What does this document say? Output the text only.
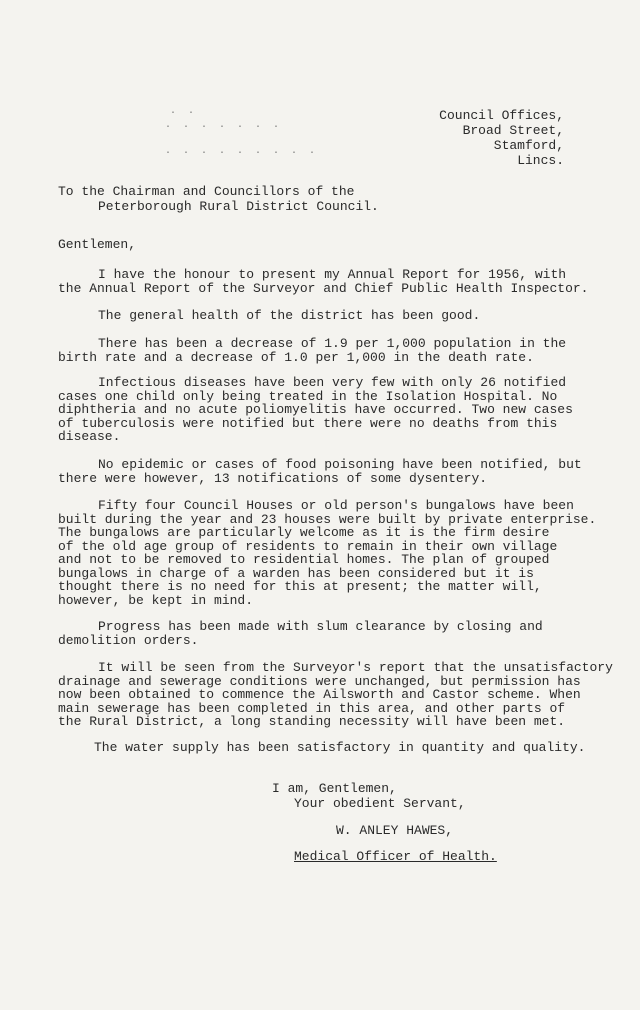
· ·
· · · · · · ·
· · · · · · · · ·
Council Offices,
Broad Street,
Stamford,
Lincs.
To the Chairman and Councillors of the
Peterborough Rural District Council.
Gentlemen,
I have the honour to present my Annual Report for 1956, with
the Annual Report of the Surveyor and Chief Public Health Inspector.
The general health of the district has been good.
There has been a decrease of 1.9 per 1,000 population in the
birth rate and a decrease of 1.0 per 1,000 in the death rate.
Infectious diseases have been very few with only 26 notified
cases one child only being treated in the Isolation Hospital. No
diphtheria and no acute poliomyelitis have occurred. Two new cases
of tuberculosis were notified but there were no deaths from this
disease.
No epidemic or cases of food poisoning have been notified, but
there were however, 13 notifications of some dysentery.
Fifty four Council Houses or old person's bungalows have been
built during the year and 23 houses were built by private enterprise.
The bungalows are particularly welcome as it is the firm desire
of the old age group of residents to remain in their own village
and not to be removed to residential homes. The plan of grouped
bungalows in charge of a warden has been considered but it is
thought there is no need for this at present; the matter will,
however, be kept in mind.
Progress has been made with slum clearance by closing and
demolition orders.
It will be seen from the Surveyor's report that the unsatisfactory
drainage and sewerage conditions were unchanged, but permission has
now been obtained to commence the Ailsworth and Castor scheme. When
main sewerage has been completed in this area, and other parts of
the Rural District, a long standing necessity will have been met.
The water supply has been satisfactory in quantity and quality.
I am, Gentlemen,
Your obedient Servant,
W. ANLEY HAWES,
Medical Officer of Health.
